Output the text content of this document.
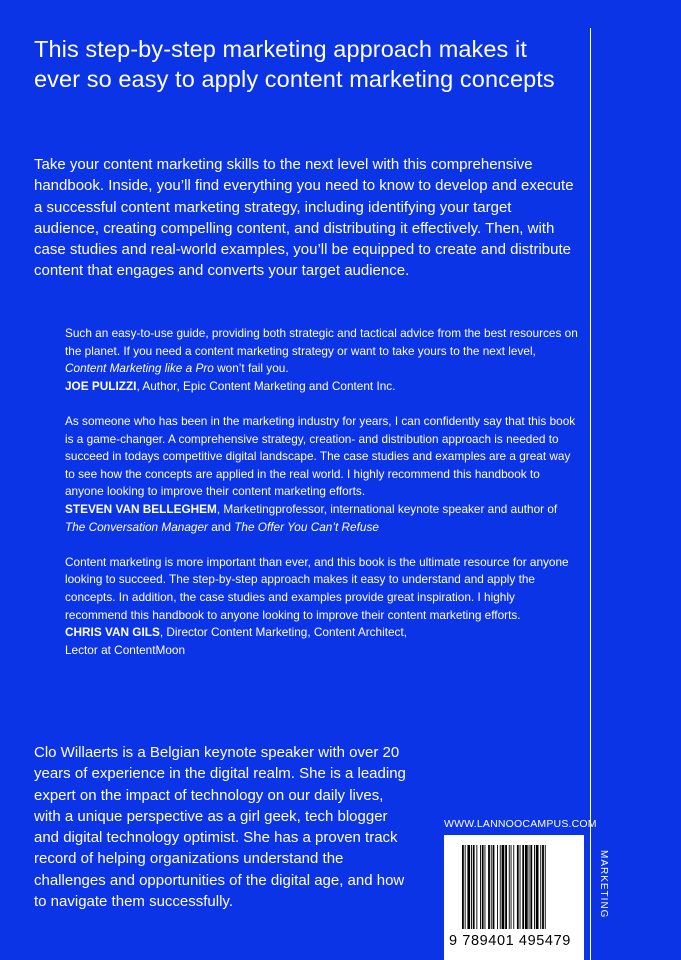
This step-by-step marketing approach makes it ever so easy to apply content marketing concepts

Take your content marketing skills to the next level with this comprehensive handbook. Inside, you’ll find everything you need to know to develop and execute a successful content marketing strategy, including identifying your target audience, creating compelling content, and distributing it effectively. Then, with case studies and real-world examples, you’ll be equipped to create and distribute content that engages and converts your target audience.

Such an easy-to-use guide, providing both strategic and tactical advice from the best resources on the planet. If you need a content marketing strategy or want to take yours to the next level, Content Marketing like a Pro won’t fail you.
JOE PULIZZI, Author, Epic Content Marketing and Content Inc.

As someone who has been in the marketing industry for years, I can confidently say that this book is a game-changer. A comprehensive strategy, creation- and distribution approach is needed to succeed in todays competitive digital landscape. The case studies and examples are a great way to see how the concepts are applied in the real world. I highly recommend this handbook to anyone looking to improve their content marketing efforts.
STEVEN VAN BELLEGHEM, Marketingprofessor, international keynote speaker and author of The Conversation Manager and The Offer You Can’t Refuse

Content marketing is more important than ever, and this book is the ultimate resource for anyone looking to succeed. The step-by-step approach makes it easy to understand and apply the concepts. In addition, the case studies and examples provide great inspiration. I highly recommend this handbook to anyone looking to improve their content marketing efforts.
CHRIS VAN GILS, Director Content Marketing, Content Architect,
Lector at ContentMoon

Clo Willaerts is a Belgian keynote speaker with over 20 years of experience in the digital realm. She is a leading expert on the impact of technology on our daily lives, with a unique perspective as a girl geek, tech blogger and digital technology optimist. She has a proven track record of helping organizations understand the challenges and opportunities of the digital age, and how to navigate them successfully.

WWW.LANNOOCAMPUS.COM
9 789401 495479
MARKETING
